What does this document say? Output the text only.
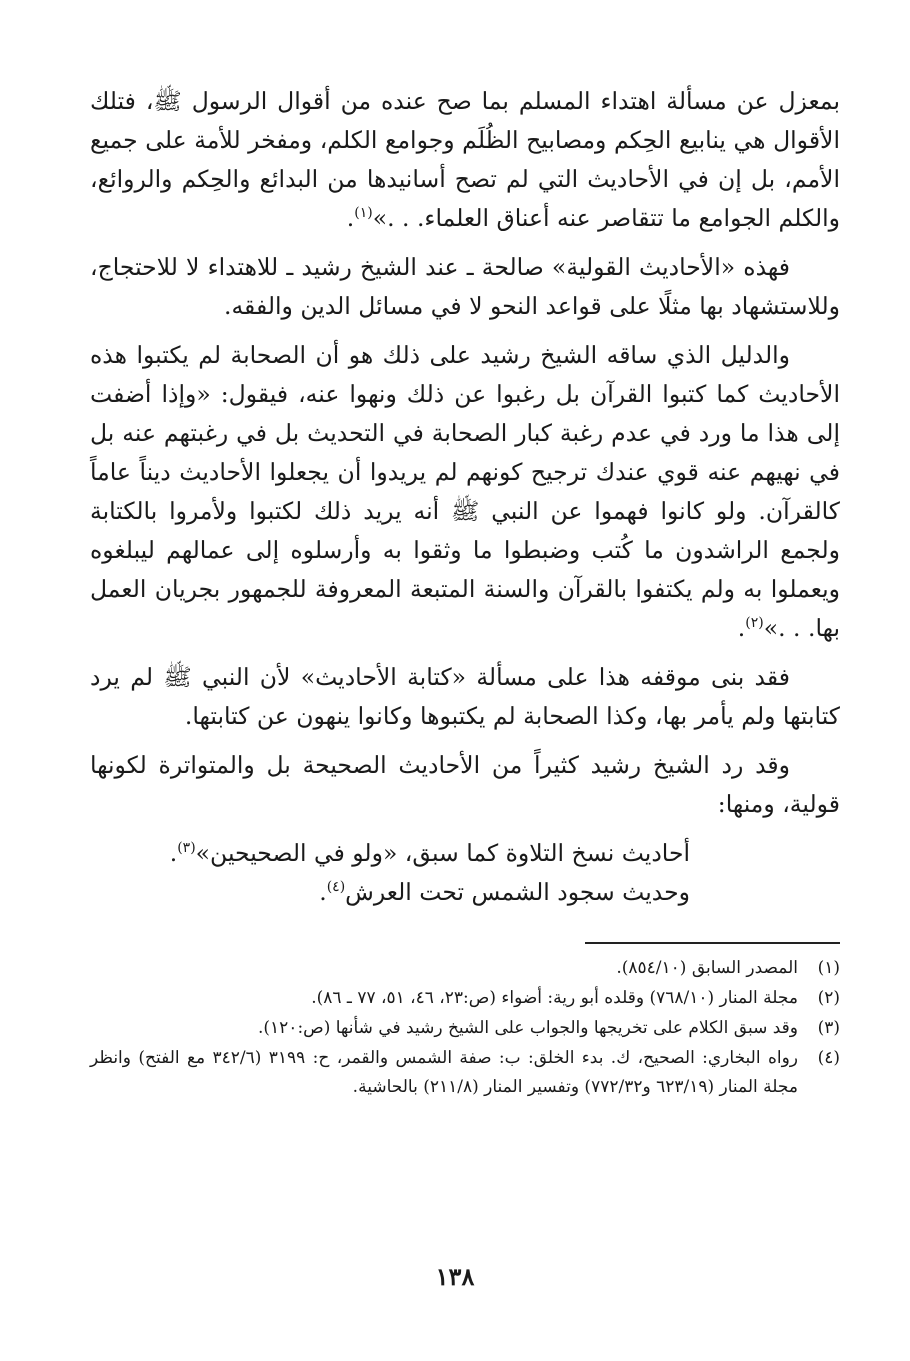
بمعزل عن مسألة اهتداء المسلم بما صح عنده من أقوال الرسول ﷺ، فتلك الأقوال هي ينابيع الحِكم ومصابيح الظُلَم وجوامع الكلم، ومفخر للأمة على جميع الأمم، بل إن في الأحاديث التي لم تصح أسانيدها من البدائع والحِكم والروائع، والكلم الجوامع ما تتقاصر عنه أعناق العلماء. . .»$^{(١)}$.

فهذه «الأحاديث القولية» صالحة ـ عند الشيخ رشيد ـ للاهتداء لا للاحتجاج، وللاستشهاد بها مثلًا على قواعد النحو لا في مسائل الدين والفقه.

والدليل الذي ساقه الشيخ رشيد على ذلك هو أن الصحابة لم يكتبوا هذه الأحاديث كما كتبوا القرآن بل رغبوا عن ذلك ونهوا عنه، فيقول: «وإذا أضفت إلى هذا ما ورد في عدم رغبة كبار الصحابة في التحديث بل في رغبتهم عنه بل في نهيهم عنه قوي عندك ترجيح كونهم لم يريدوا أن يجعلوا الأحاديث ديناً عاماً كالقرآن. ولو كانوا فهموا عن النبي ﷺ أنه يريد ذلك لكتبوا ولأمروا بالكتابة ولجمع الراشدون ما كُتب وضبطوا ما وثقوا به وأرسلوه إلى عمالهم ليبلغوه ويعملوا به ولم يكتفوا بالقرآن والسنة المتبعة المعروفة للجمهور بجريان العمل بها. . .»$^{(٢)}$.

فقد بنى موقفه هذا على مسألة «كتابة الأحاديث» لأن النبي ﷺ لم يرد كتابتها ولم يأمر بها، وكذا الصحابة لم يكتبوها وكانوا ينهون عن كتابتها.

وقد رد الشيخ رشيد كثيراً من الأحاديث الصحيحة بل والمتواترة لكونها قولية، ومنها:

أحاديث نسخ التلاوة كما سبق، «ولو في الصحيحين»$^{(٣)}$.

وحديث سجود الشمس تحت العرش$^{(٤)}$.

(١)
المصدر السابق (٨٥٤/١٠).
(٢)
مجلة المنار (٧٦٨/١٠) وقلده أبو رية: أضواء (ص:٢٣، ٤٦، ٥١، ٧٧ ـ ٨٦).
(٣)
وقد سبق الكلام على تخريجها والجواب على الشيخ رشيد في شأنها (ص:١٢٠).
(٤)
رواه البخاري: الصحيح، ك. بدء الخلق: ب: صفة الشمس والقمر، ح: ٣١٩٩ (٣٤٢/٦ مع الفتح) وانظر مجلة المنار (٦٢٣/١٩ و٧٧٢/٣٢) وتفسير المنار (٢١١/٨) بالحاشية.
١٣٨
